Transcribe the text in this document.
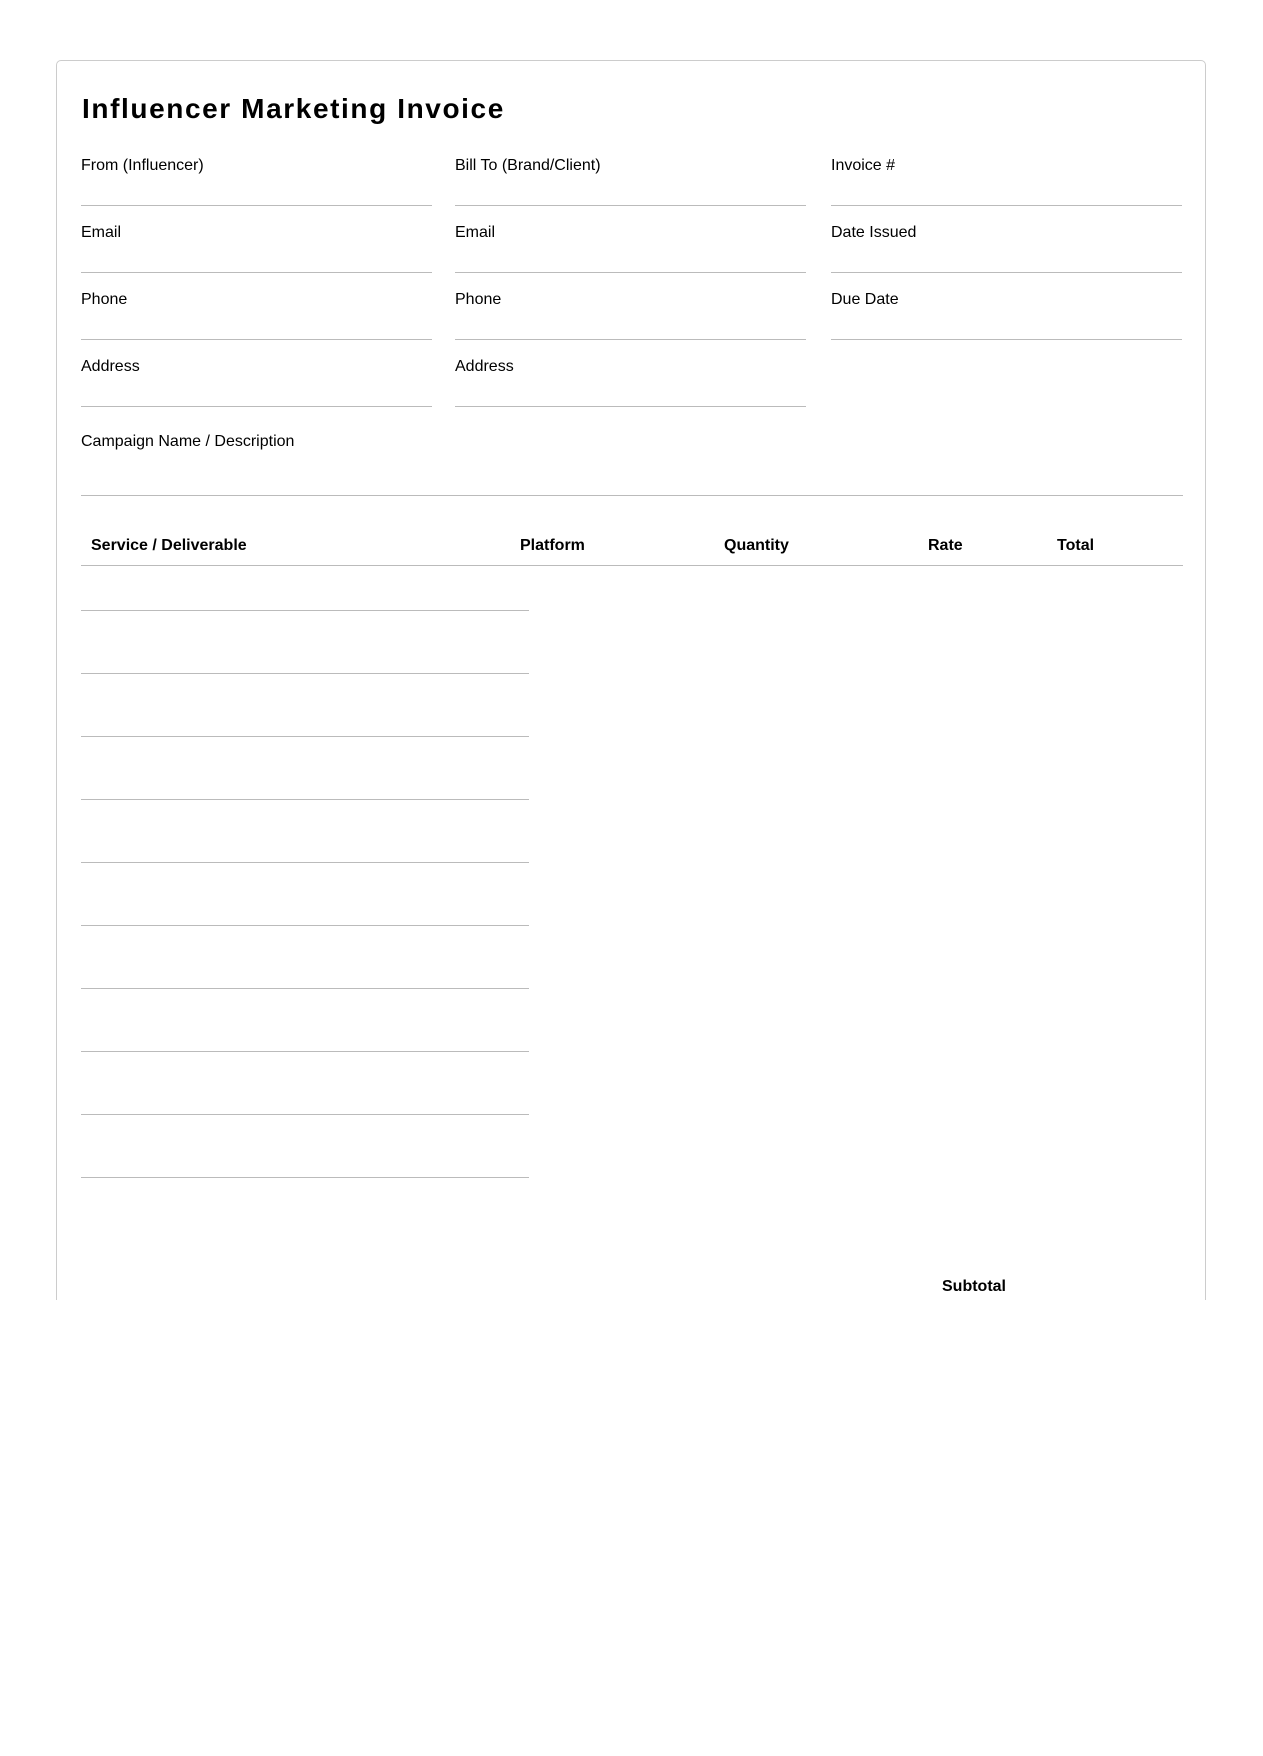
Influencer Marketing Invoice
From (Influencer)
Email
Phone
Address
Bill To (Brand/Client)
Email
Phone
Address
Invoice #
Date Issued
Due Date
Campaign Name / Description
Service / Deliverable	Platform	Quantity	Rate	Total
Subtotal
